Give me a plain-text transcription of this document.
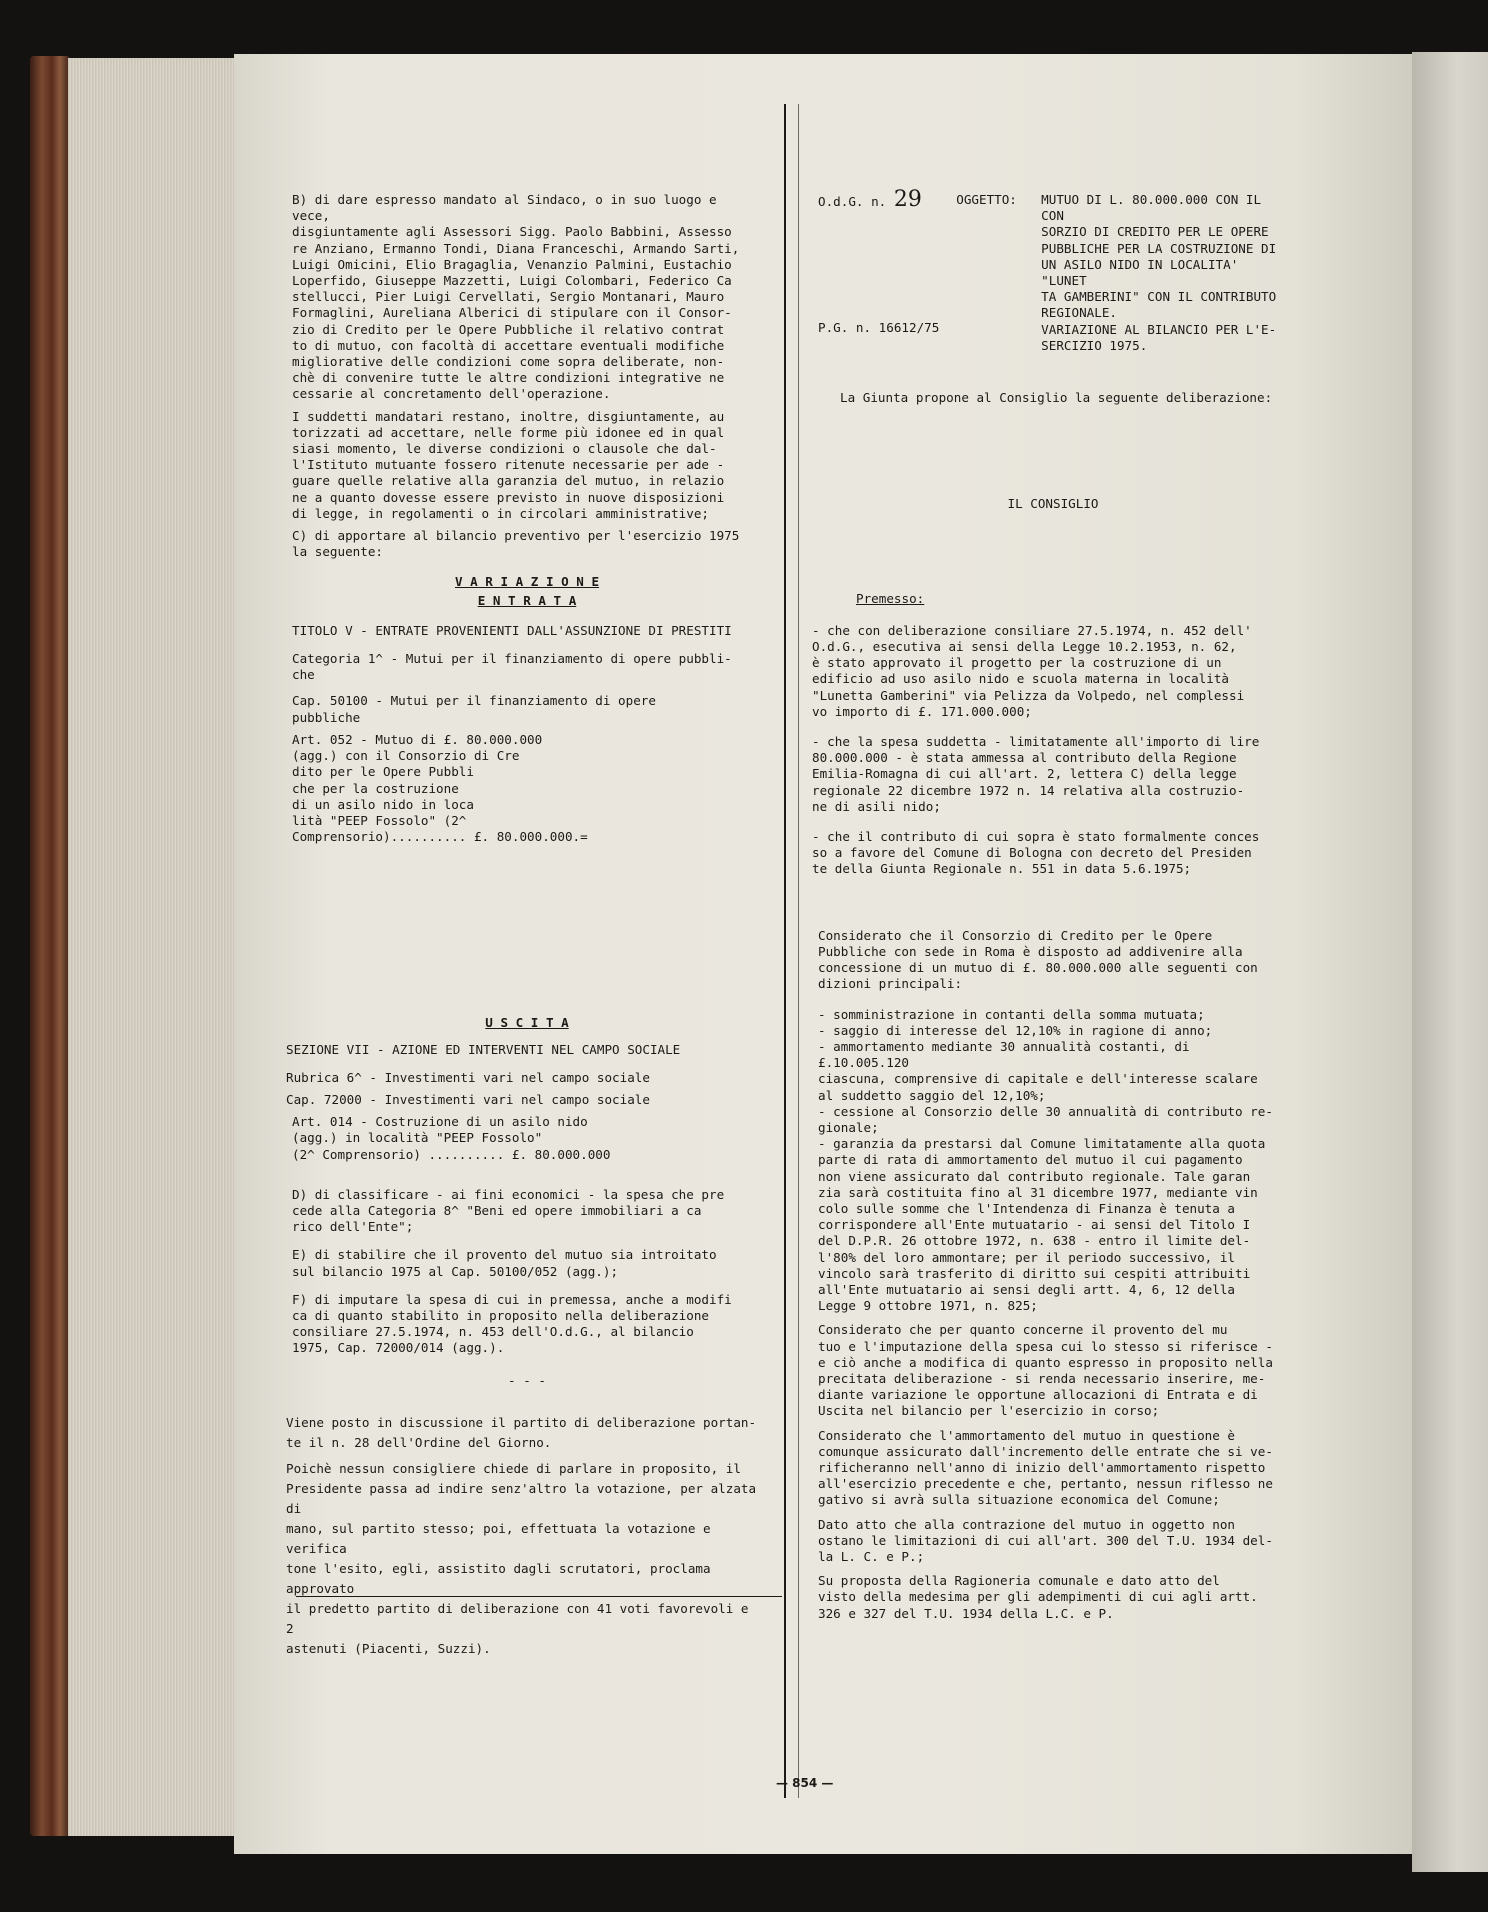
B) di dare espresso mandato al Sindaco, o in suo luogo e vece,
disgiuntamente agli Assessori Sigg. Paolo Babbini, Assesso
re Anziano, Ermanno Tondi, Diana Franceschi, Armando Sarti,
Luigi Omicini, Elio Bragaglia, Venanzio Palmini, Eustachio
Loperfido, Giuseppe Mazzetti, Luigi Colombari, Federico Ca
stellucci, Pier Luigi Cervellati, Sergio Montanari, Mauro
Formaglini, Aureliana Alberici di stipulare con il Consor-
zio di Credito per le Opere Pubbliche il relativo contrat
to di mutuo, con facoltà di accettare eventuali modifiche
migliorative delle condizioni come sopra deliberate, non-
chè di convenire tutte le altre condizioni integrative ne
cessarie al concretamento dell'operazione.

I suddetti mandatari restano, inoltre, disgiuntamente, au
torizzati ad accettare, nelle forme più idonee ed in qual
siasi momento, le diverse condizioni o clausole che dal-
l'Istituto mutuante fossero ritenute necessarie per ade -
guare quelle relative alla garanzia del mutuo, in relazio
ne a quanto dovesse essere previsto in nuove disposizioni
di legge, in regolamenti o in circolari amministrative;

C) di apportare al bilancio preventivo per l'esercizio 1975
la seguente:

V A R I A Z I O N E

E N T R A T A

TITOLO V - ENTRATE PROVENIENTI DALL'ASSUNZIONE DI PRESTITI

Categoria 1^ - Mutui per il finanziamento di opere pubbli-
che

Cap. 50100 - Mutui per il finanziamento di opere
pubbliche

Art. 052 - Mutuo di £. 80.000.000
(agg.) con il Consorzio di Cre
dito per le Opere Pubbli
che per la costruzione
di un asilo nido in loca
lità "PEEP Fossolo" (2^
Comprensorio).......... £. 80.000.000.=

U S C I T A

SEZIONE VII - AZIONE ED INTERVENTI NEL CAMPO SOCIALE

Rubrica 6^ - Investimenti vari nel campo sociale

Cap. 72000 - Investimenti vari nel campo sociale

Art. 014 - Costruzione di un asilo nido
(agg.) in località "PEEP Fossolo"
(2^ Comprensorio) .......... £. 80.000.000

D) di classificare - ai fini economici - la spesa che pre
cede alla Categoria 8^ "Beni ed opere immobiliari a ca
rico dell'Ente";

E) di stabilire che il provento del mutuo sia introitato
sul bilancio 1975 al Cap. 50100/052 (agg.);

F) di imputare la spesa di cui in premessa, anche a modifi
ca di quanto stabilito in proposito nella deliberazione
consiliare 27.5.1974, n. 453 dell'O.d.G., al bilancio
1975, Cap. 72000/014 (agg.).

- - -

Viene posto in discussione il partito di deliberazione portan-
te il n. 28 dell'Ordine del Giorno.

Poichè nessun consigliere chiede di parlare in proposito, il
Presidente passa ad indire senz'altro la votazione, per alzata di
mano, sul partito stesso; poi, effettuata la votazione e verifica
tone l'esito, egli, assistito dagli scrutatori, proclama approvato
il predetto partito di deliberazione con 41 voti favorevoli e 2
astenuti (Piacenti, Suzzi).

O.d.G. n. 29	OGGETTO:	MUTUO DI L. 80.000.000 CON IL CON
SORZIO DI CREDITO PER LE OPERE
PUBBLICHE PER LA COSTRUZIONE DI
UN ASILO NIDO IN LOCALITA' "LUNET
TA GAMBERINI" CON IL CONTRIBUTO
REGIONALE.
VARIAZIONE AL BILANCIO PER L'E-
SERCIZIO 1975.

P.G. n. 16612/75

La Giunta propone al Consiglio la seguente deliberazione:

IL CONSIGLIO

Premesso:

- che con deliberazione consiliare 27.5.1974, n. 452 dell'
O.d.G., esecutiva ai sensi della Legge 10.2.1953, n. 62,
è stato approvato il progetto per la costruzione di un
edificio ad uso asilo nido e scuola materna in località
"Lunetta Gamberini" via Pelizza da Volpedo, nel complessi
vo importo di £. 171.000.000;

- che la spesa suddetta - limitatamente all'importo di lire
80.000.000 - è stata ammessa al contributo della Regione
Emilia-Romagna di cui all'art. 2, lettera C) della legge
regionale 22 dicembre 1972 n. 14 relativa alla costruzio-
ne di asili nido;

- che il contributo di cui sopra è stato formalmente conces
so a favore del Comune di Bologna con decreto del Presiden
te della Giunta Regionale n. 551 in data 5.6.1975;

Considerato che il Consorzio di Credito per le Opere
Pubbliche con sede in Roma è disposto ad addivenire alla
concessione di un mutuo di £. 80.000.000 alle seguenti con
dizioni principali:

- somministrazione in contanti della somma mutuata;
- saggio di interesse del 12,10% in ragione di anno;
- ammortamento mediante 30 annualità costanti, di £.10.005.120
ciascuna, comprensive di capitale e dell'interesse scalare
al suddetto saggio del 12,10%;
- cessione al Consorzio delle 30 annualità di contributo re-
gionale;
- garanzia da prestarsi dal Comune limitatamente alla quota
parte di rata di ammortamento del mutuo il cui pagamento
non viene assicurato dal contributo regionale. Tale garan
zia sarà costituita fino al 31 dicembre 1977, mediante vin
colo sulle somme che l'Intendenza di Finanza è tenuta a
corrispondere all'Ente mutuatario - ai sensi del Titolo I
del D.P.R. 26 ottobre 1972, n. 638 - entro il limite del-
l'80% del loro ammontare; per il periodo successivo, il
vincolo sarà trasferito di diritto sui cespiti attribuiti
all'Ente mutuatario ai sensi degli artt. 4, 6, 12 della
Legge 9 ottobre 1971, n. 825;

Considerato che per quanto concerne il provento del mu
tuo e l'imputazione della spesa cui lo stesso si riferisce -
e ciò anche a modifica di quanto espresso in proposito nella
precitata deliberazione - si renda necessario inserire, me-
diante variazione le opportune allocazioni di Entrata e di
Uscita nel bilancio per l'esercizio in corso;

Considerato che l'ammortamento del mutuo in questione è
comunque assicurato dall'incremento delle entrate che si ve-
rificheranno nell'anno di inizio dell'ammortamento rispetto
all'esercizio precedente e che, pertanto, nessun riflesso ne
gativo si avrà sulla situazione economica del Comune;

Dato atto che alla contrazione del mutuo in oggetto non
ostano le limitazioni di cui all'art. 300 del T.U. 1934 del-
la L. C. e P.;

Su proposta della Ragioneria comunale e dato atto del
visto della medesima per gli adempimenti di cui agli artt.
326 e 327 del T.U. 1934 della L.C. e P.

— 854 —
